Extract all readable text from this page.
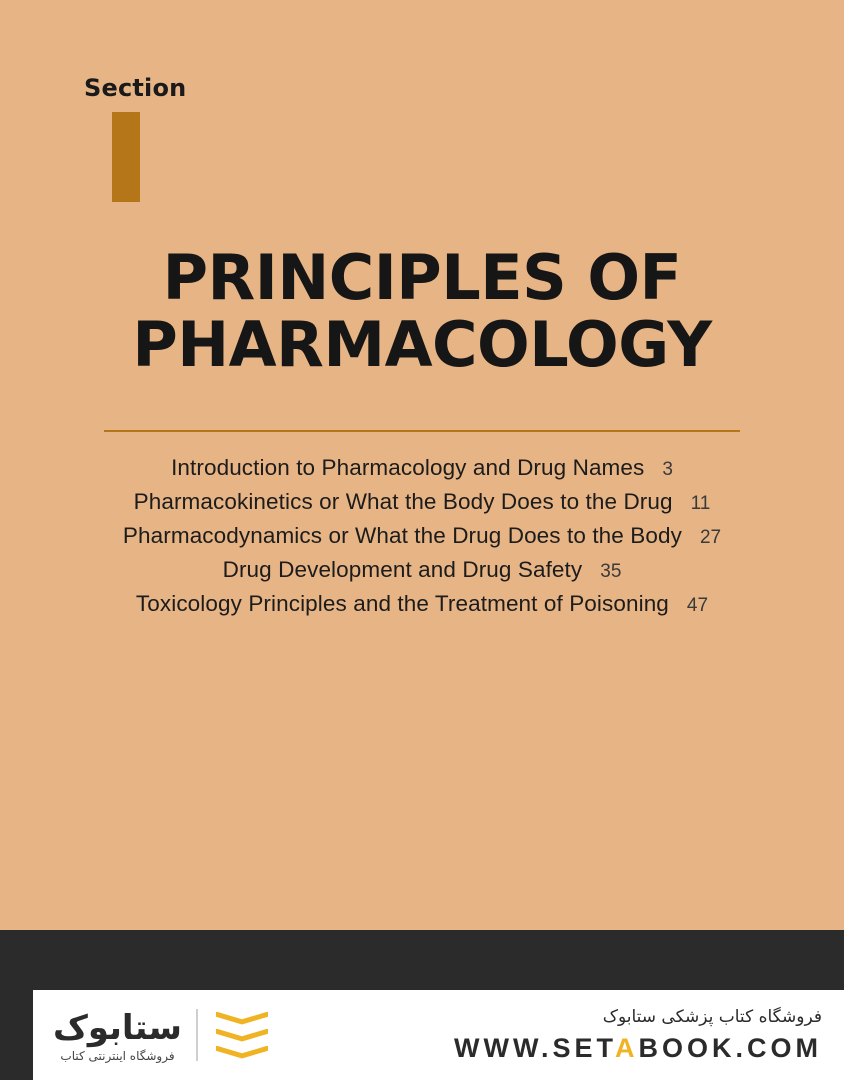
Section
PRINCIPLES OF
PHARMACOLOGY
Introduction to Pharmacology and Drug Names 3
Pharmacokinetics or What the Body Does to the Drug 11
Pharmacodynamics or What the Drug Does to the Body 27
Drug Development and Drug Safety 35
Toxicology Principles and the Treatment of Poisoning 47
ستابوک
فروشگاه اینترنتی کتاب
فروشگاه کتاب پزشکی ستابوک
WWW.SETABOOK.COM
